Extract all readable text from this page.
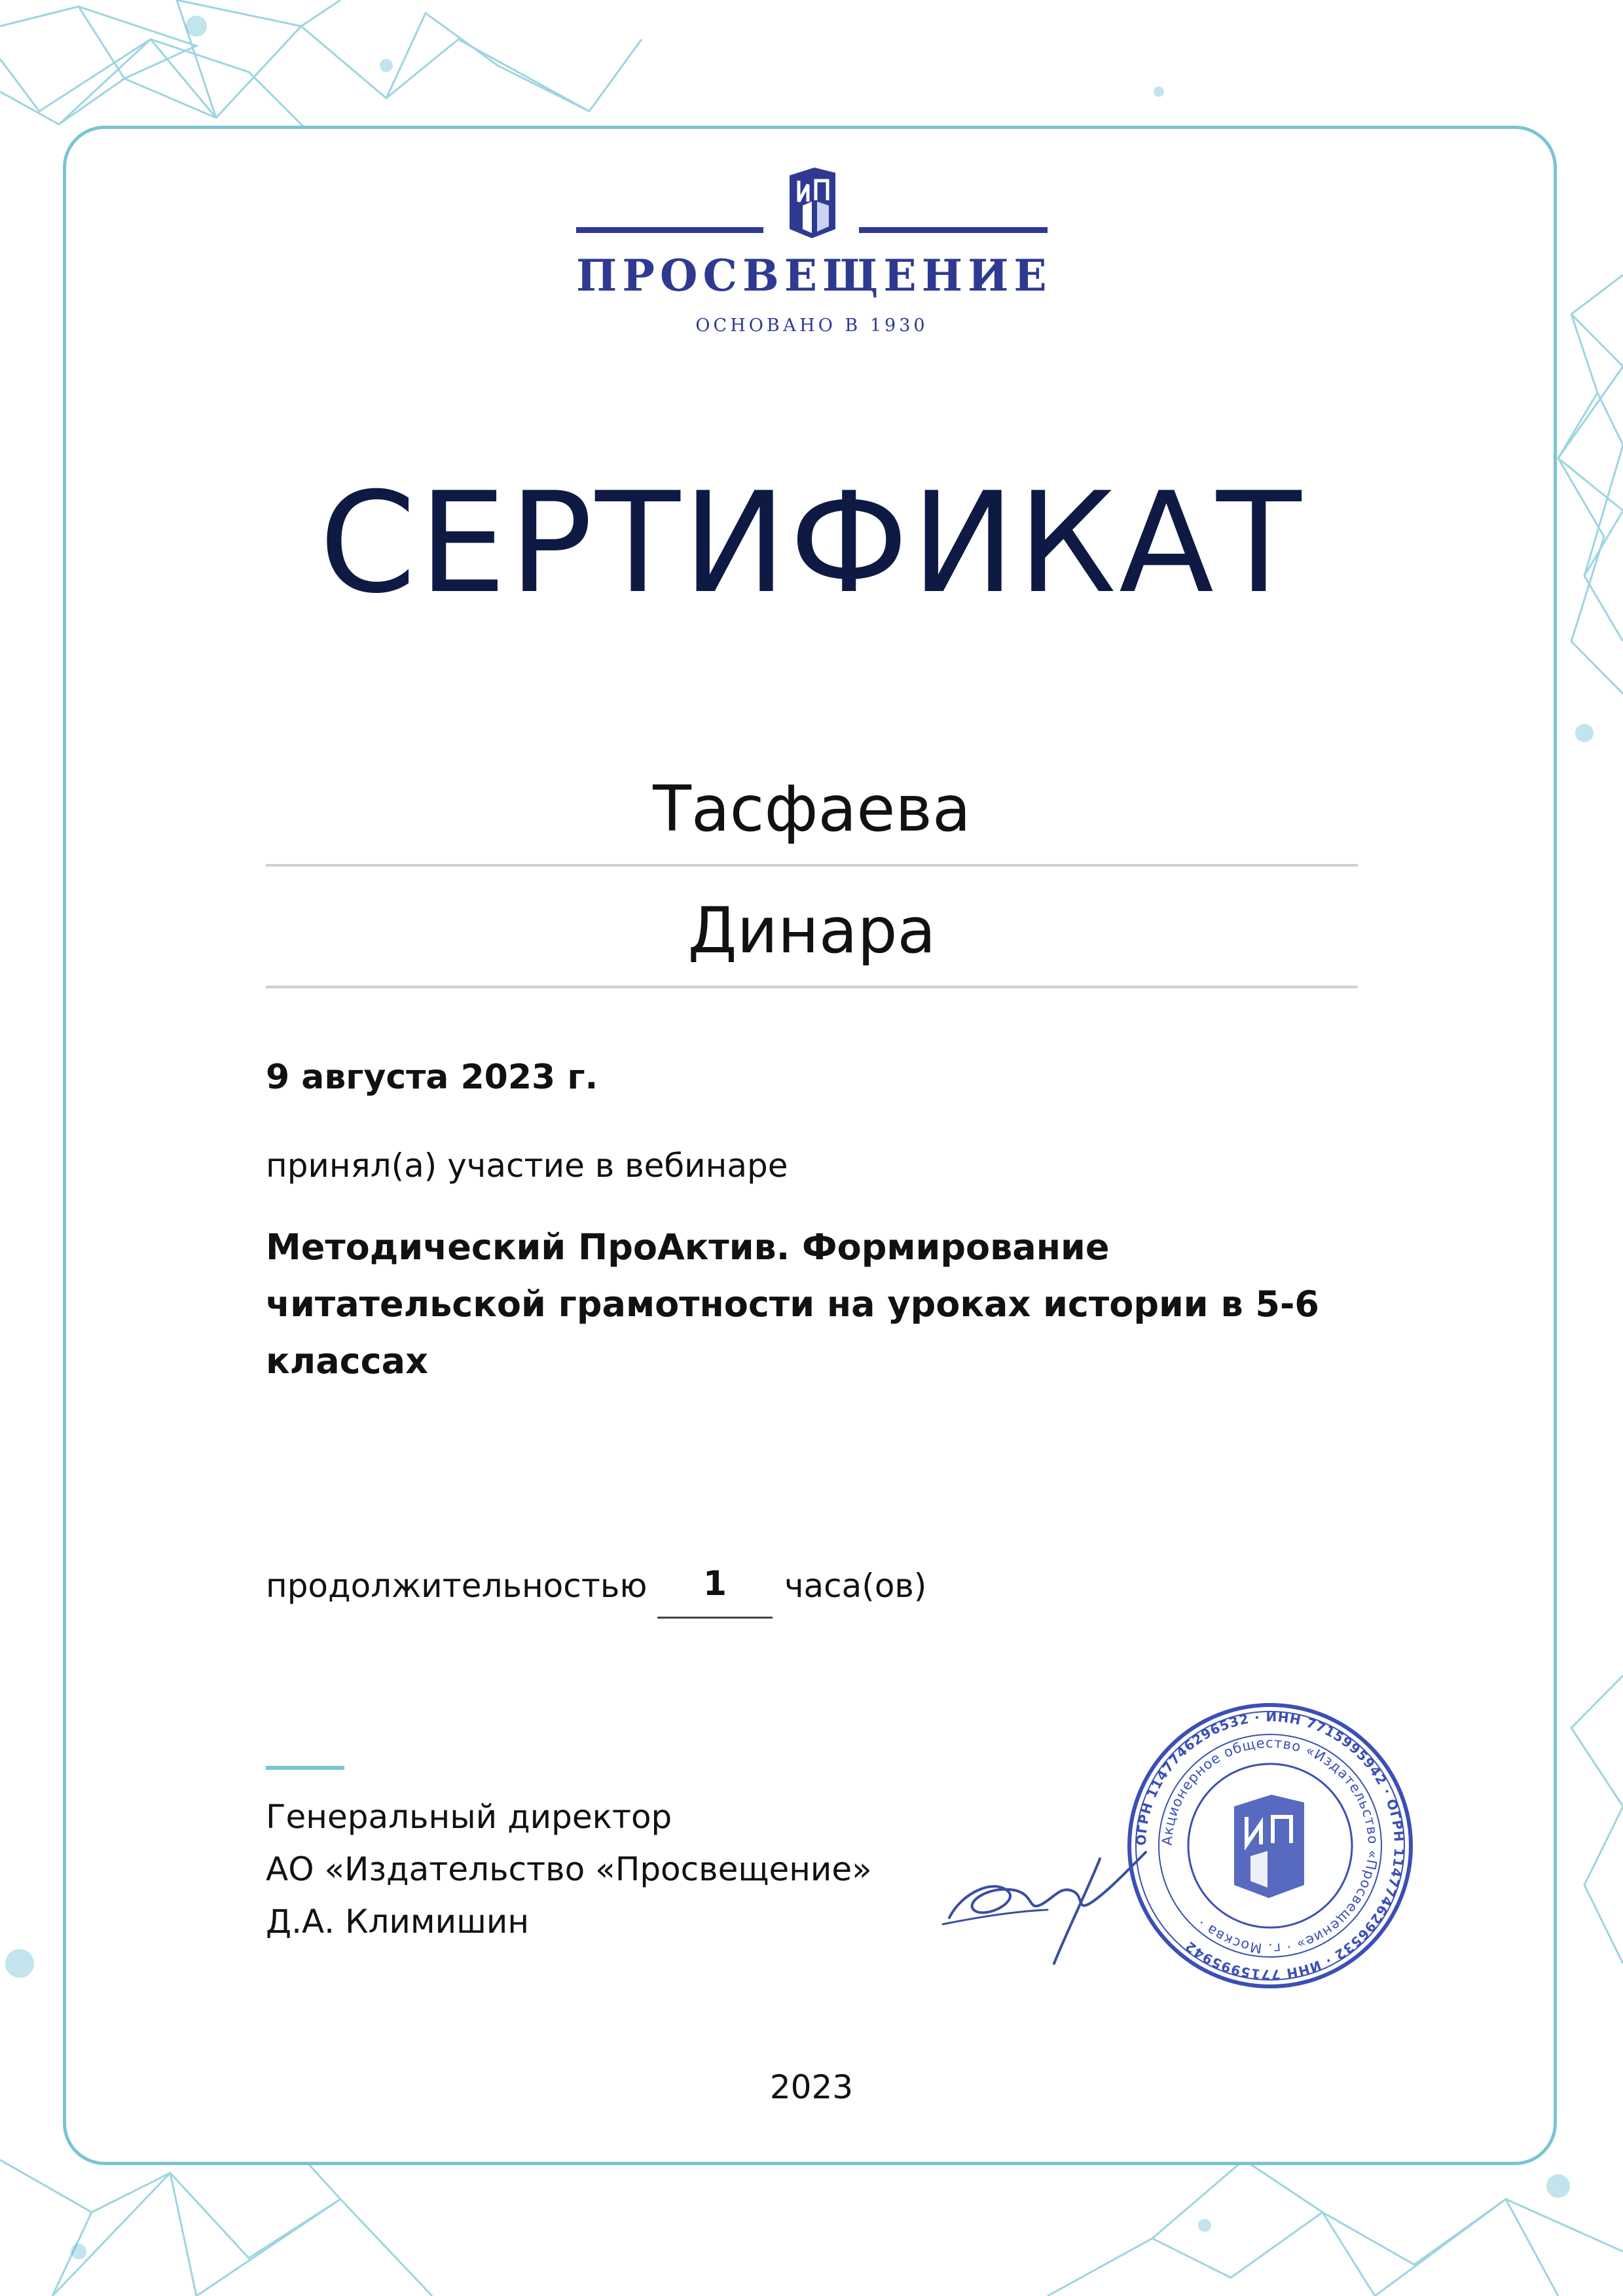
ПРОСВЕЩЕНИЕ
ОСНОВАНО В 1930
СЕРТИФИКАТ
Тасфаева
Динара
9 августа 2023 г.
принял(а) участие в вебинаре
Методический ПроАктив. Формирование читательской грамотности на уроках истории в 5-6 классах
продолжительностью	1	часа(ов)
Генеральный директор
АО «Издательство «Просвещение»
Д.А. Климишин
ОГРН 1147746296532 · ИНН 7715995942 · ОГРН 1147746296532 · ИНН 7715995942
Акционерное общество «Издательство «Просвещение» · г. Москва ·
2023
